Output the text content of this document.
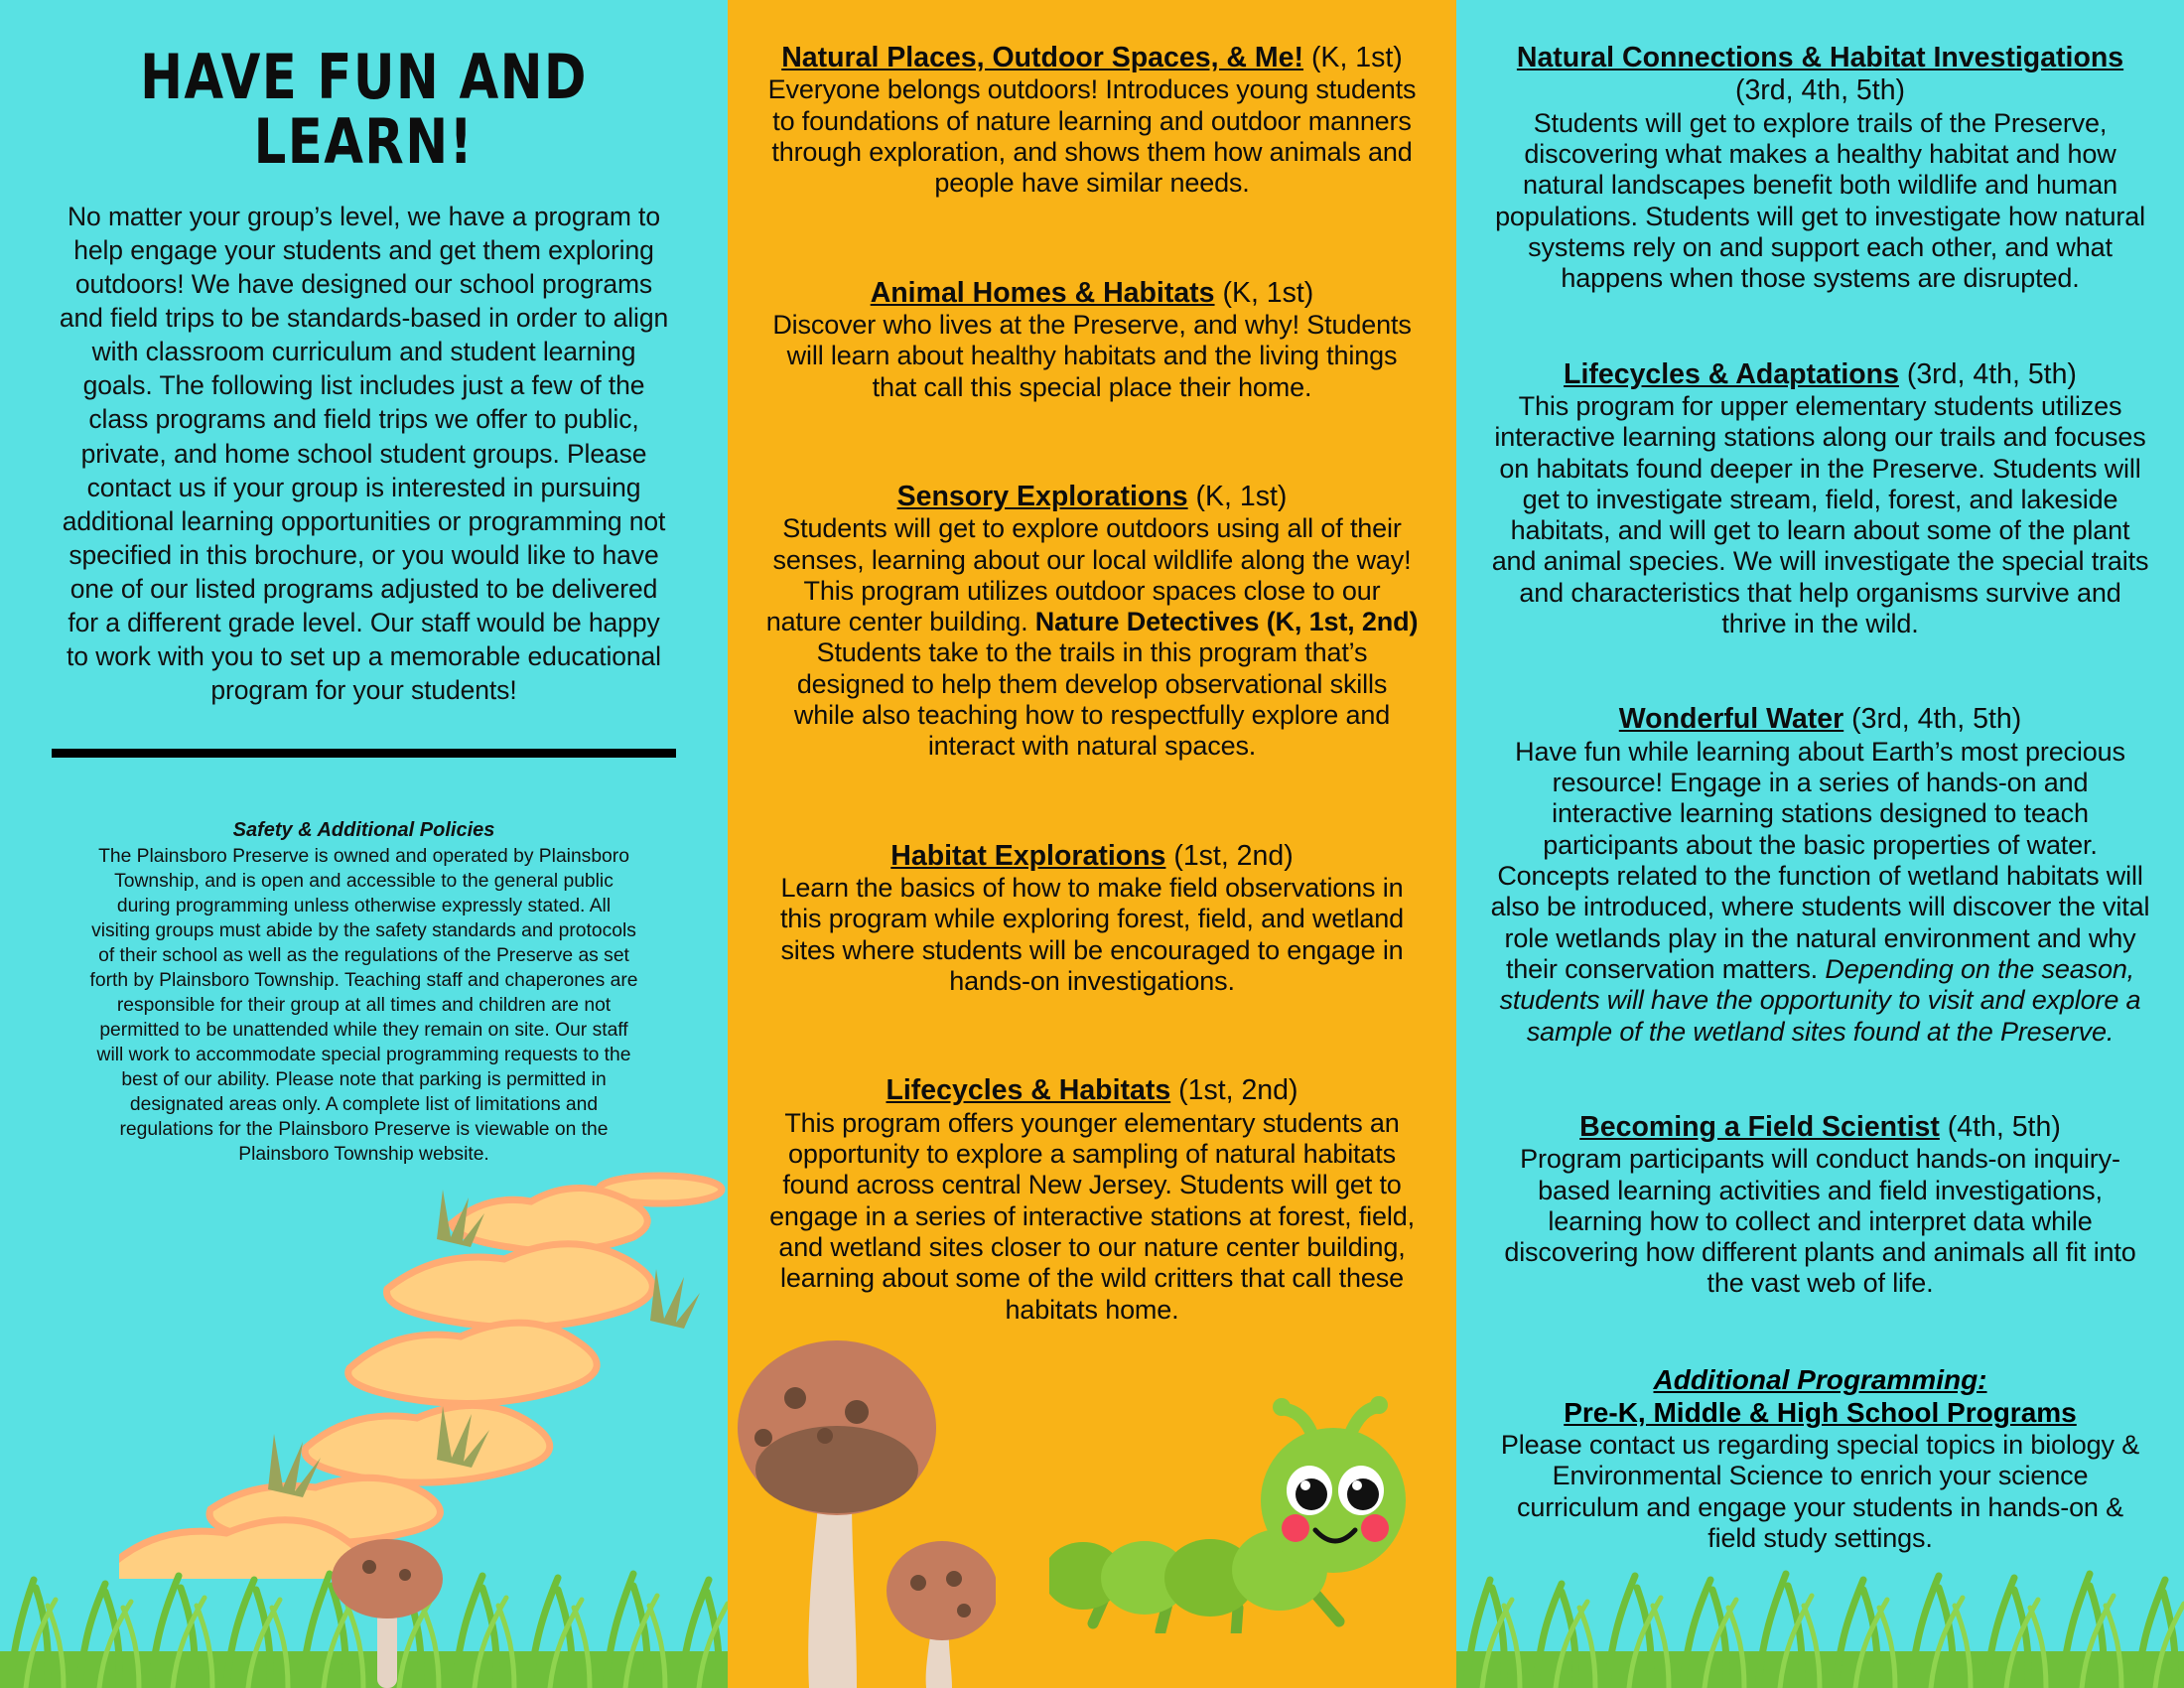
HAVE FUN AND LEARN!

No matter your group’s level, we have a program to help engage your students and get them exploring outdoors! We have designed our school programs and field trips to be standards-based in order to align with classroom curriculum and student learning goals. The following list includes just a few of the class programs and field trips we offer to public, private, and home school student groups. Please contact us if your group is interested in pursuing additional learning opportunities or programming not specified in this brochure, or you would like to have one of our listed programs adjusted to be delivered for a different grade level. Our staff would be happy to work with you to set up a memorable educational program for your students!

Safety & Additional Policies

The Plainsboro Preserve is owned and operated by Plainsboro Township, and is open and accessible to the general public during programming unless otherwise expressly stated. All visiting groups must abide by the safety standards and protocols of their school as well as the regulations of the Preserve as set forth by Plainsboro Township. Teaching staff and chaperones are responsible for their group at all times and children are not permitted to be unattended while they remain on site. Our staff will work to accommodate special programming requests to the best of our ability. Please note that parking is permitted in designated areas only. A complete list of limitations and regulations for the Plainsboro Preserve is viewable on the Plainsboro Township website.

Natural Places, Outdoor Spaces, & Me! (K, 1st)
Everyone belongs outdoors! Introduces young students to foundations of nature learning and outdoor manners through exploration, and shows them how animals and people have similar needs.
Animal Homes & Habitats (K, 1st)
Discover who lives at the Preserve, and why! Students will learn about healthy habitats and the living things that call this special place their home.
Sensory Explorations (K, 1st)
Students will get to explore outdoors using all of their senses, learning about our local wildlife along the way! This program utilizes outdoor spaces close to our nature center building. Nature Detectives (K, 1st, 2nd) Students take to the trails in this program that’s designed to help them develop observational skills while also teaching how to respectfully explore and interact with natural spaces.
Habitat Explorations (1st, 2nd)
Learn the basics of how to make field observations in this program while exploring forest, field, and wetland sites where students will be encouraged to engage in hands-on investigations.
Lifecycles & Habitats (1st, 2nd)
This program offers younger elementary students an opportunity to explore a sampling of natural habitats found across central New Jersey. Students will get to engage in a series of interactive stations at forest, field, and wetland sites closer to our nature center building, learning about some of the wild critters that call these habitats home.
Natural Connections & Habitat Investigations
(3rd, 4th, 5th)
Students will get to explore trails of the Preserve, discovering what makes a healthy habitat and how natural landscapes benefit both wildlife and human populations. Students will get to investigate how natural systems rely on and support each other, and what happens when those systems are disrupted.
Lifecycles & Adaptations (3rd, 4th, 5th)
This program for upper elementary students utilizes interactive learning stations along our trails and focuses on habitats found deeper in the Preserve. Students will get to investigate stream, field, forest, and lakeside habitats, and will get to learn about some of the plant and animal species. We will investigate the special traits and characteristics that help organisms survive and thrive in the wild.
Wonderful Water (3rd, 4th, 5th)
Have fun while learning about Earth’s most precious resource! Engage in a series of hands-on and interactive learning stations designed to teach participants about the basic properties of water. Concepts related to the function of wetland habitats will also be introduced, where students will discover the vital role wetlands play in the natural environment and why their conservation matters. Depending on the season, students will have the opportunity to visit and explore a sample of the wetland sites found at the Preserve.
Becoming a Field Scientist (4th, 5th)
Program participants will conduct hands-on inquiry-based learning activities and field investigations, learning how to collect and interpret data while discovering how different plants and animals all fit into the vast web of life.
Additional Programming:
Pre-K, Middle & High School Programs
Please contact us regarding special topics in biology & Environmental Science to enrich your science curriculum and engage your students in hands-on & field study settings.
